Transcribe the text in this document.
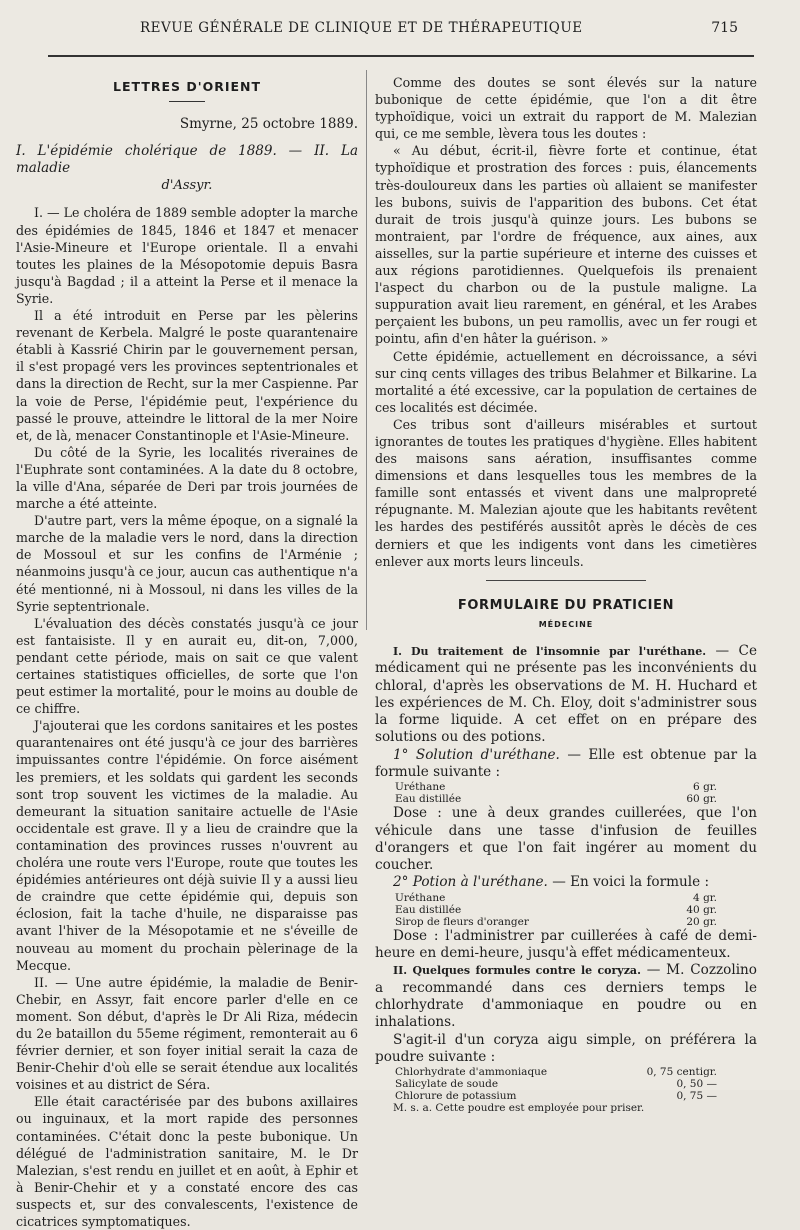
REVUE GÉNÉRALE DE CLINIQUE ET DE THÉRAPEUTIQUE	715
LETTRES D'ORIENT
Smyrne, 25 octobre 1889.
I. L'épidémie cholérique de 1889. — II. La maladie
d'Assyr.

I. — Le choléra de 1889 semble adopter la marche des épidémies de 1845, 1846 et 1847 et menacer l'Asie-Mineure et l'Europe orientale. Il a envahi toutes les plaines de la Mésopotomie depuis Basra jusqu'à Bagdad ; il a atteint la Perse et il menace la Syrie.

Il a été introduit en Perse par les pèlerins revenant de Kerbela. Malgré le poste quarantenaire établi à Kassrié Chirin par le gouvernement persan, il s'est propagé vers les provinces septentrionales et dans la direction de Recht, sur la mer Caspienne. Par la voie de Perse, l'épidémie peut, l'expérience du passé le prouve, atteindre le littoral de la mer Noire et, de là, menacer Constantinople et l'Asie-Mineure.

Du côté de la Syrie, les localités riveraines de l'Euphrate sont contaminées. A la date du 8 octobre, la ville d'Ana, séparée de Deri par trois journées de marche a été atteinte.

D'autre part, vers la même époque, on a signalé la marche de la maladie vers le nord, dans la direction de Mossoul et sur les confins de l'Arménie ; néanmoins jusqu'à ce jour, aucun cas authentique n'a été mentionné, ni à Mossoul, ni dans les villes de la Syrie septentrionale.

L'évaluation des décès constatés jusqu'à ce jour est fantaisiste. Il y en aurait eu, dit-on, 7,000, pendant cette période, mais on sait ce que valent certaines statistiques officielles, de sorte que l'on peut estimer la mortalité, pour le moins au double de ce chiffre.

J'ajouterai que les cordons sanitaires et les postes quarantenaires ont été jusqu'à ce jour des barrières impuissantes contre l'épidémie. On force aisément les premiers, et les soldats qui gardent les seconds sont trop souvent les victimes de la maladie. Au demeurant la situation sanitaire actuelle de l'Asie occidentale est grave. Il y a lieu de craindre que la contamination des provinces russes n'ouvrent au choléra une route vers l'Europe, route que toutes les épidémies antérieures ont déjà suivie Il y a aussi lieu de craindre que cette épidémie qui, depuis son éclosion, fait la tache d'huile, ne disparaisse pas avant l'hiver de la Mésopotamie et ne s'éveille de nouveau au moment du prochain pèlerinage de la Mecque.

II. — Une autre épidémie, la maladie de Benir-Chebir, en Assyr, fait encore parler d'elle en ce moment. Son début, d'après le Dr Ali Riza, médecin du 2e bataillon du 55eme régiment, remonterait au 6 février dernier, et son foyer initial serait la caza de Benir-Chehir d'où elle se serait étendue aux localités voisines et au district de Séra.

Elle était caractérisée par des bubons axillaires ou inguinaux, et la mort rapide des personnes contaminées. C'était donc la peste bubonique. Un délégué de l'administration sanitaire, M. le Dr Malezian, s'est rendu en juillet et en août, à Ephir et à Benir-Chehir et y a constaté encore des cas suspects et, sur des convalescents, l'existence de cicatrices symptomatiques.

Comme des doutes se sont élevés sur la nature bubonique de cette épidémie, que l'on a dit être typhoïdique, voici un extrait du rapport de M. Malezian qui, ce me semble, lèvera tous les doutes :

« Au début, écrit-il, fièvre forte et continue, état typhoïdique et prostration des forces : puis, élancements très-douloureux dans les parties où allaient se manifester les bubons, suivis de l'apparition des bubons. Cet état durait de trois jusqu'à quinze jours. Les bubons se montraient, par l'ordre de fréquence, aux aines, aux aisselles, sur la partie supérieure et interne des cuisses et aux régions parotidiennes. Quelquefois ils prenaient l'aspect du charbon ou de la pustule maligne. La suppuration avait lieu rarement, en général, et les Arabes perçaient les bubons, un peu ramollis, avec un fer rougi et pointu, afin d'en hâter la guérison. »

Cette épidémie, actuellement en décroissance, a sévi sur cinq cents villages des tribus Belahmer et Bilkarine. La mortalité a été excessive, car la population de certaines de ces localités est décimée.

Ces tribus sont d'ailleurs misérables et surtout ignorantes de toutes les pratiques d'hygiène. Elles habitent des maisons sans aération, insuffisantes comme dimensions et dans lesquelles tous les membres de la famille sont entassés et vivent dans une malpropreté répugnante. M. Malezian ajoute que les habitants revêtent les hardes des pestiférés aussitôt après le décès de ces derniers et que les indigents vont dans les cimetières enlever aux morts leurs linceuls.

FORMULAIRE DU PRATICIEN
MÉDECINE

I. Du traitement de l'insomnie par l'uréthane. — Ce médicament qui ne présente pas les inconvénients du chloral, d'après les observations de M. H. Huchard et les expériences de M. Ch. Eloy, doit s'administrer sous la forme liquide. A cet effet on en prépare des solutions ou des potions.

1° Solution d'uréthane. — Elle est obtenue par la formule suivante :

Uréthane	6 gr.
Eau distillée	60 gr.

Dose : une à deux grandes cuillerées, que l'on véhicule dans une tasse d'infusion de feuilles d'orangers et que l'on fait ingérer au moment du coucher.

2° Potion à l'uréthane. — En voici la formule :

Uréthane	4 gr.
Eau distillée	40 gr.
Sirop de fleurs d'oranger	20 gr.

Dose : l'administrer par cuillerées à café de demi-heure en demi-heure, jusqu'à effet médicamenteux.

II. Quelques formules contre le coryza. — M. Cozzolino a recommandé dans ces derniers temps le chlorhydrate d'ammoniaque en poudre ou en inhalations.

S'agit-il d'un coryza aigu simple, on préférera la poudre suivante :

Chlorhydrate d'ammoniaque	0, 75 centigr.
Salicylate de soude	0, 50 —
Chlorure de potassium	0, 75 —

M. s. a. Cette poudre est employée pour priser.
